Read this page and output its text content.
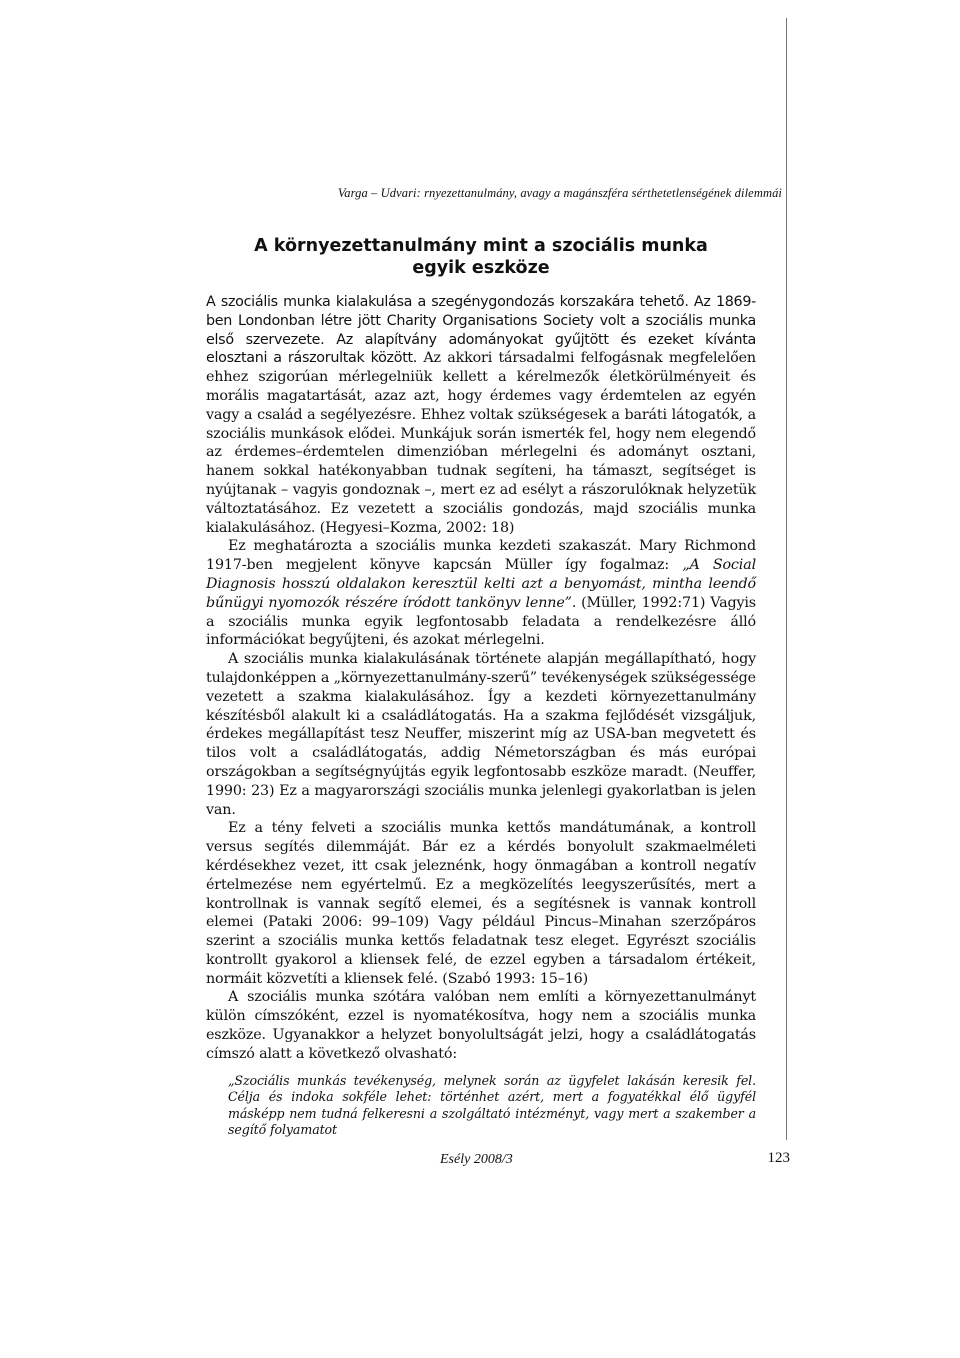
Varga – Udvari: rnyezettanulmány, avagy a magánszféra sérthetetlenségének dilemmái
A környezettanulmány mint a szociális munka
egyik eszköze

A szociális munka kialakulása a szegénygondozás korszakára tehető. Az 1869-ben Londonban létre jött Charity Organisations Society volt a szociális munka első szervezete. Az alapítvány adományokat gyűjtött és ezeket kívánta elosztani a rászorultak között. Az akkori társadalmi felfogásnak megfelelően ehhez szigorúan mérlegelniük kellett a kérelmezők életkörülményeit és morális magatartását, azaz azt, hogy érdemes vagy érdemtelen az egyén vagy a család a segélyezésre. Ehhez voltak szükségesek a baráti látogatók, a szociális munkások elődei. Munkájuk során ismerték fel, hogy nem elegendő az érdemes–érdemtelen dimenzióban mérlegelni és adományt osztani, hanem sokkal hatékonyabban tudnak segíteni, ha támaszt, segítséget is nyújtanak – vagyis gondoznak –, mert ez ad esélyt a rászorulóknak helyzetük változtatásához. Ez vezetett a szociális gondozás, majd szociális munka kialakulásához. (Hegyesi–Kozma, 2002: 18)

Ez meghatározta a szociális munka kezdeti szakaszát. Mary Richmond 1917-ben megjelent könyve kapcsán Müller így fogalmaz: „A Social Diagnosis hosszú oldalakon keresztül kelti azt a benyomást, mintha leendő bűnügyi nyomozók részére íródott tankönyv lenne”. (Müller, 1992:71) Vagyis a szociális munka egyik legfontosabb feladata a rendelkezésre álló információkat begyűjteni, és azokat mérlegelni.

A szociális munka kialakulásának története alapján megállapítható, hogy tulajdonképpen a „környezettanulmány-szerű” tevékenységek szükségessége vezetett a szakma kialakulásához. Így a kezdeti környezettanulmány készítésből alakult ki a családlátogatás. Ha a szakma fejlődését vizsgáljuk, érdekes megállapítást tesz Neuffer, miszerint míg az USA-ban megvetett és tilos volt a családlátogatás, addig Németországban és más európai országokban a segítségnyújtás egyik legfontosabb eszköze maradt. (Neuffer, 1990: 23) Ez a magyarországi szociális munka jelenlegi gyakorlatban is jelen van.

Ez a tény felveti a szociális munka kettős mandátumának, a kontroll versus segítés dilemmáját. Bár ez a kérdés bonyolult szakmaelméleti kérdésekhez vezet, itt csak jeleznénk, hogy önmagában a kontroll negatív értelmezése nem egyértelmű. Ez a megközelítés leegyszerűsítés, mert a kontrollnak is vannak segítő elemei, és a segítésnek is vannak kontroll elemei (Pataki 2006: 99–109) Vagy például Pincus–Minahan szerzőpáros szerint a szociális munka kettős feladatnak tesz eleget. Egyrészt szociális kontrollt gyakorol a kliensek felé, de ezzel egyben a társadalom értékeit, normáit közvetíti a kliensek felé. (Szabó 1993: 15–16)

A szociális munka szótára valóban nem említi a környezettanulmányt külön címszóként, ezzel is nyomatékosítva, hogy nem a szociális munka eszköze. Ugyanakkor a helyzet bonyolultságát jelzi, hogy a családlátogatás címszó alatt a következő olvasható:

„Szociális munkás tevékenység, melynek során az ügyfelet lakásán keresik fel. Célja és indoka sokféle lehet: történhet azért, mert a fogyatékkal élő ügyfél másképp nem tudná felkeresni a szolgáltató intézményt, vagy mert a szakember a segítő folyamatot

Esély 2008/3	123
